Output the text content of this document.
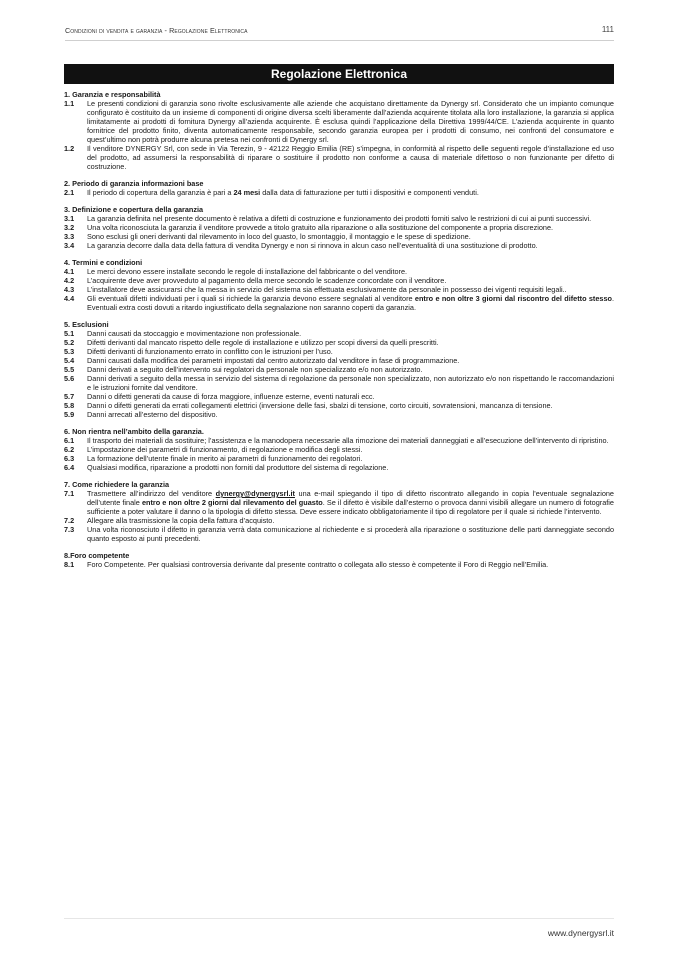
Condizioni di vendita e garanzia - Regolazione Elettronica	111
Regolazione Elettronica
1. Garanzia e responsabilità
1.1	Le presenti condizioni di garanzia sono rivolte esclusivamente alle aziende che acquistano direttamente da Dynergy srl. Considerato che un impianto comunque configurato è costituito da un insieme di componenti di origine diversa scelti liberamente dall’azienda acquirente titolata alla loro installazione, la garanzia si applica limitatamente ai prodotti di fornitura Dynergy all’azienda acquirente. È esclusa quindi l’applicazione della Direttiva 1999/44/CE. L’azienda acquirente in quanto fornitrice del prodotto finito, diventa automaticamente responsabile, secondo garanzia europea per i prodotti di consumo, nei confronti del consumatore e quest’ultimo non potrà produrre alcuna pretesa nei confronti di Dynergy srl.
1.2	Il venditore DYNERGY Srl, con sede in Via Terezin, 9 - 42122 Reggio Emilia (RE) s’impegna, in conformità al rispetto delle seguenti regole d’installazione ed uso del prodotto, ad assumersi la responsabilità di riparare o sostituire il prodotto non conforme a causa di materiale difettoso o non funzionante per difetto di costruzione.
2. Periodo di garanzia informazioni base
2.1	Il periodo di copertura della garanzia è pari a 24 mesi dalla data di fatturazione per tutti i dispositivi e componenti venduti.
3. Definizione e copertura della garanzia
3.1	La garanzia definita nel presente documento è relativa a difetti di costruzione e funzionamento dei prodotti forniti salvo le restrizioni di cui ai punti successivi.
3.2	Una volta riconosciuta la garanzia il venditore provvede a titolo gratuito alla riparazione o alla sostituzione del componente a propria discrezione.
3.3	Sono esclusi gli oneri derivanti dal rilevamento in loco del guasto, lo smontaggio, il montaggio e le spese di spedizione.
3.4	La garanzia decorre dalla data della fattura di vendita Dynergy e non si rinnova in alcun caso nell’eventualità di una sostituzione di prodotto.
4. Termini e condizioni
4.1	Le merci devono essere installate secondo le regole di installazione del fabbricante o del venditore.
4.2	L’acquirente deve aver provveduto al pagamento della merce secondo le scadenze concordate con il venditore.
4.3	L’installatore deve assicurarsi che la messa in servizio del sistema sia effettuata esclusivamente da personale in possesso dei vigenti requisiti legali..
4.4	Gli eventuali difetti individuati per i quali si richiede la garanzia devono essere segnalati al venditore entro e non oltre 3 giorni dal riscontro del difetto stesso. Eventuali extra costi dovuti a ritardo ingiustificato della segnalazione non saranno coperti da garanzia.
5. Esclusioni
5.1	Danni causati da stoccaggio e movimentazione non professionale.
5.2	Difetti derivanti dal mancato rispetto delle regole di installazione e utilizzo per scopi diversi da quelli prescritti.
5.3	Difetti derivanti di funzionamento errato in conflitto con le istruzioni per l’uso.
5.4	Danni causati dalla modifica dei parametri impostati dal centro autorizzato dal venditore in fase di programmazione.
5.5	Danni derivati a seguito dell’intervento sui regolatori da personale non specializzato e/o non autorizzato.
5.6	Danni derivati a seguito della messa in servizio del sistema di regolazione da personale non specializzato, non autorizzato e/o non rispettando le raccomandazioni e le istruzioni fornite dal venditore.
5.7	Danni o difetti generati da cause di forza maggiore, influenze esterne, eventi naturali ecc.
5.8	Danni o difetti generati da errati collegamenti elettrici (inversione delle fasi, sbalzi di tensione, corto circuiti, sovratensioni, mancanza di tensione.
5.9	Danni arrecati all’esterno del dispositivo.
6. Non rientra nell’ambito della garanzia.
6.1	Il trasporto dei materiali da sostituire; l’assistenza e la manodopera necessarie alla rimozione dei materiali danneggiati e all’esecuzione dell’intervento di ripristino.
6.2	L’impostazione dei parametri di funzionamento, di regolazione e modifica degli stessi.
6.3	La formazione dell’utente finale in merito ai parametri di funzionamento dei regolatori.
6.4	Qualsiasi modifica, riparazione a prodotti non forniti dal produttore del sistema di regolazione.
7. Come richiedere la garanzia
7.1	Trasmettere all’indirizzo del venditore dynergy@dynergysrl.it una e-mail spiegando il tipo di difetto riscontrato allegando in copia l’eventuale segnalazione dell’utente finale entro e non oltre 2 giorni dal rilevamento del guasto. Se il difetto è visibile dall’esterno o provoca danni visibili allegare un numero di fotografie sufficiente a poter valutare il danno o la tipologia di difetto stessa. Deve essere indicato obbligatoriamente il tipo di regolatore per il quale si richiede l’intervento.
7.2	Allegare alla trasmissione la copia della fattura d’acquisto.
7.3	Una volta riconosciuto il difetto in garanzia verrà data comunicazione al richiedente e si procederà alla riparazione o sostituzione delle parti danneggiate secondo quanto esposto ai punti precedenti.
8.Foro competente
8.1	Foro Competente. Per qualsiasi controversia derivante dal presente contratto o collegata allo stesso è competente il Foro di Reggio nell’Emilia.
www.dynergysrl.it
